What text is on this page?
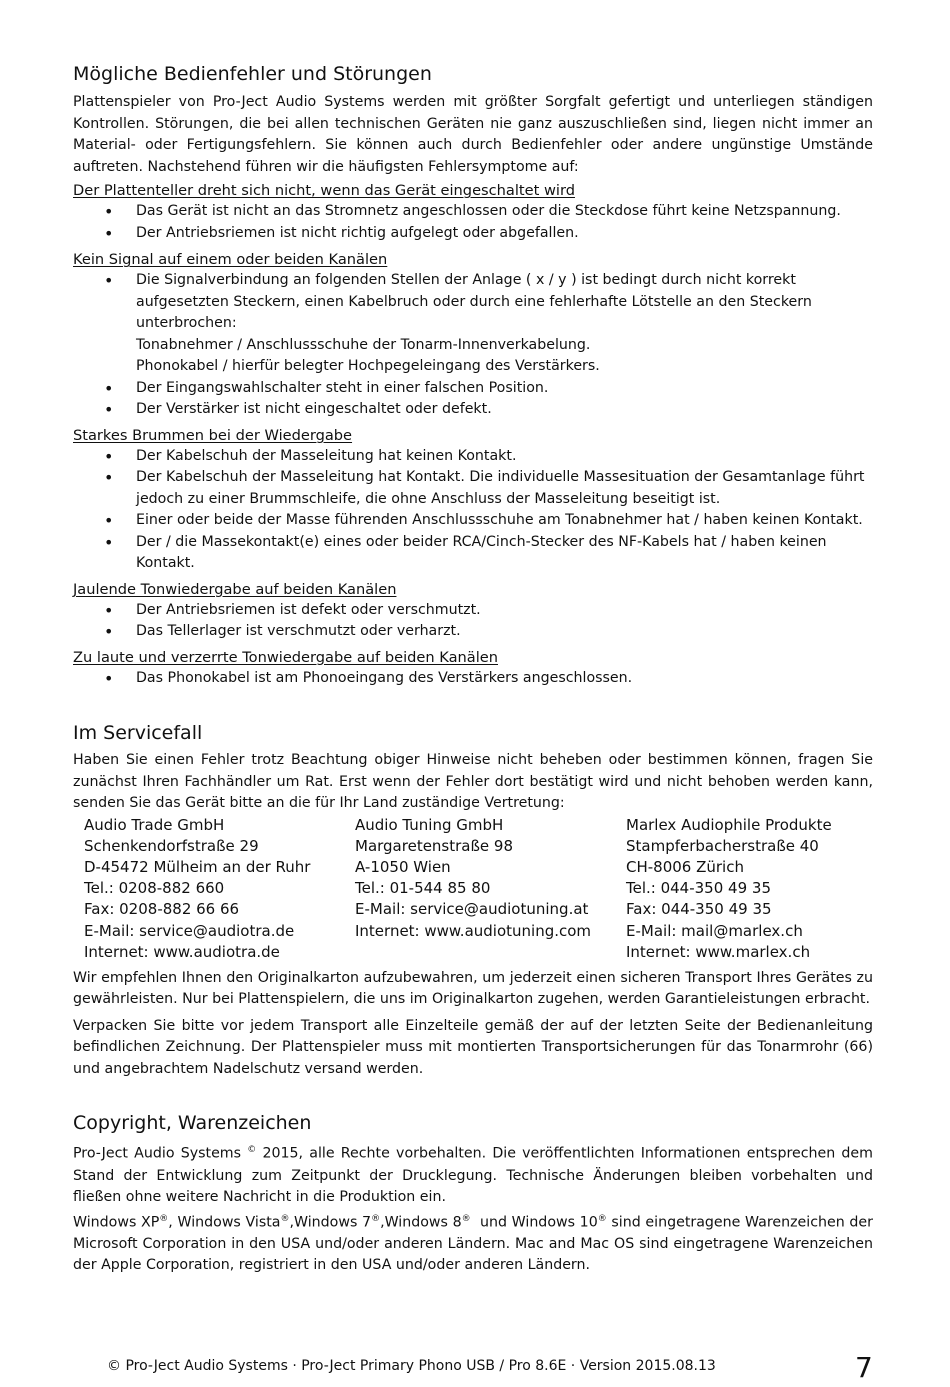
Mögliche Bedienfehler und Störungen

Plattenspieler von Pro-Ject Audio Systems werden mit größter Sorgfalt gefertigt und unterliegen ständigen Kontrollen. Störungen, die bei allen technischen Geräten nie ganz auszuschließen sind, liegen nicht immer an Material- oder Fertigungsfehlern. Sie können auch durch Bedienfehler oder andere ungünstige Umstände auftreten. Nachstehend führen wir die häufigsten Fehlersymptome auf:

Der Plattenteller dreht sich nicht, wenn das Gerät eingeschaltet wird
• Das Gerät ist nicht an das Stromnetz angeschlossen oder die Steckdose führt keine Netzspannung.
• Der Antriebsriemen ist nicht richtig aufgelegt oder abgefallen.
Kein Signal auf einem oder beiden Kanälen
• Die Signalverbindung an folgenden Stellen der Anlage ( x / y ) ist bedingt durch nicht korrekt aufgesetzten Steckern, einen Kabelbruch oder durch eine fehlerhafte Lötstelle an den Steckern unterbrochen:
Tonabnehmer / Anschlussschuhe der Tonarm-Innenverkabelung.
Phonokabel / hierfür belegter Hochpegeleingang des Verstärkers.
• Der Eingangswahlschalter steht in einer falschen Position.
• Der Verstärker ist nicht eingeschaltet oder defekt.
Starkes Brummen bei der Wiedergabe
• Der Kabelschuh der Masseleitung hat keinen Kontakt.
• Der Kabelschuh der Masseleitung hat Kontakt. Die individuelle Massesituation der Gesamtanlage führt jedoch zu einer Brummschleife, die ohne Anschluss der Masseleitung beseitigt ist.
• Einer oder beide der Masse führenden Anschlussschuhe am Tonabnehmer hat / haben keinen Kontakt.
• Der / die Massekontakt(e) eines oder beider RCA/Cinch-Stecker des NF-Kabels hat / haben keinen Kontakt.
Jaulende Tonwiedergabe auf beiden Kanälen
• Der Antriebsriemen ist defekt oder verschmutzt.
• Das Tellerlager ist verschmutzt oder verharzt.
Zu laute und verzerrte Tonwiedergabe auf beiden Kanälen
• Das Phonokabel ist am Phonoeingang des Verstärkers angeschlossen.
Im Servicefall

Haben Sie einen Fehler trotz Beachtung obiger Hinweise nicht beheben oder bestimmen können, fragen Sie zunächst Ihren Fachhändler um Rat. Erst wenn der Fehler dort bestätigt wird und nicht behoben werden kann, senden Sie das Gerät bitte an die für Ihr Land zuständige Vertretung:

Audio Trade GmbH
Schenkendorfstraße 29
D-45472 Mülheim an der Ruhr
Tel.: 0208-882 660
Fax: 0208-882 66 66
E-Mail: service@audiotra.de
Internet: www.audiotra.de
Audio Tuning GmbH
Margaretenstraße 98
A-1050 Wien
Tel.: 01-544 85 80
E-Mail: service@audiotuning.at
Internet: www.audiotuning.com
Marlex Audiophile Produkte
Stampferbacherstraße 40
CH-8006 Zürich
Tel.: 044-350 49 35
Fax: 044-350 49 35
E-Mail: mail@marlex.ch
Internet: www.marlex.ch

Wir empfehlen Ihnen den Originalkarton aufzubewahren, um jederzeit einen sicheren Transport Ihres Gerätes zu gewährleisten. Nur bei Plattenspielern, die uns im Originalkarton zugehen, werden Garantieleistungen erbracht.

Verpacken Sie bitte vor jedem Transport alle Einzelteile gemäß der auf der letzten Seite der Bedienanleitung befindlichen Zeichnung. Der Plattenspieler muss mit montierten Transportsicherungen für das Tonarmrohr (66) und angebrachtem Nadelschutz versand werden.

Copyright, Warenzeichen

Pro-Ject Audio Systems © 2015, alle Rechte vorbehalten. Die veröffentlichten Informationen entsprechen dem Stand der Entwicklung zum Zeitpunkt der Drucklegung. Technische Änderungen bleiben vorbehalten und fließen ohne weitere Nachricht in die Produktion ein.

Windows XP®, Windows Vista®,Windows 7®,Windows 8®  und Windows 10® sind eingetragene Warenzeichen der Microsoft Corporation in den USA und/oder anderen Ländern. Mac and Mac OS sind eingetragene Warenzeichen der Apple Corporation, registriert in den USA und/oder anderen Ländern.

© Pro-Ject Audio Systems · Pro-Ject Primary Phono USB / Pro 8.6E · Version 2015.08.13	7
